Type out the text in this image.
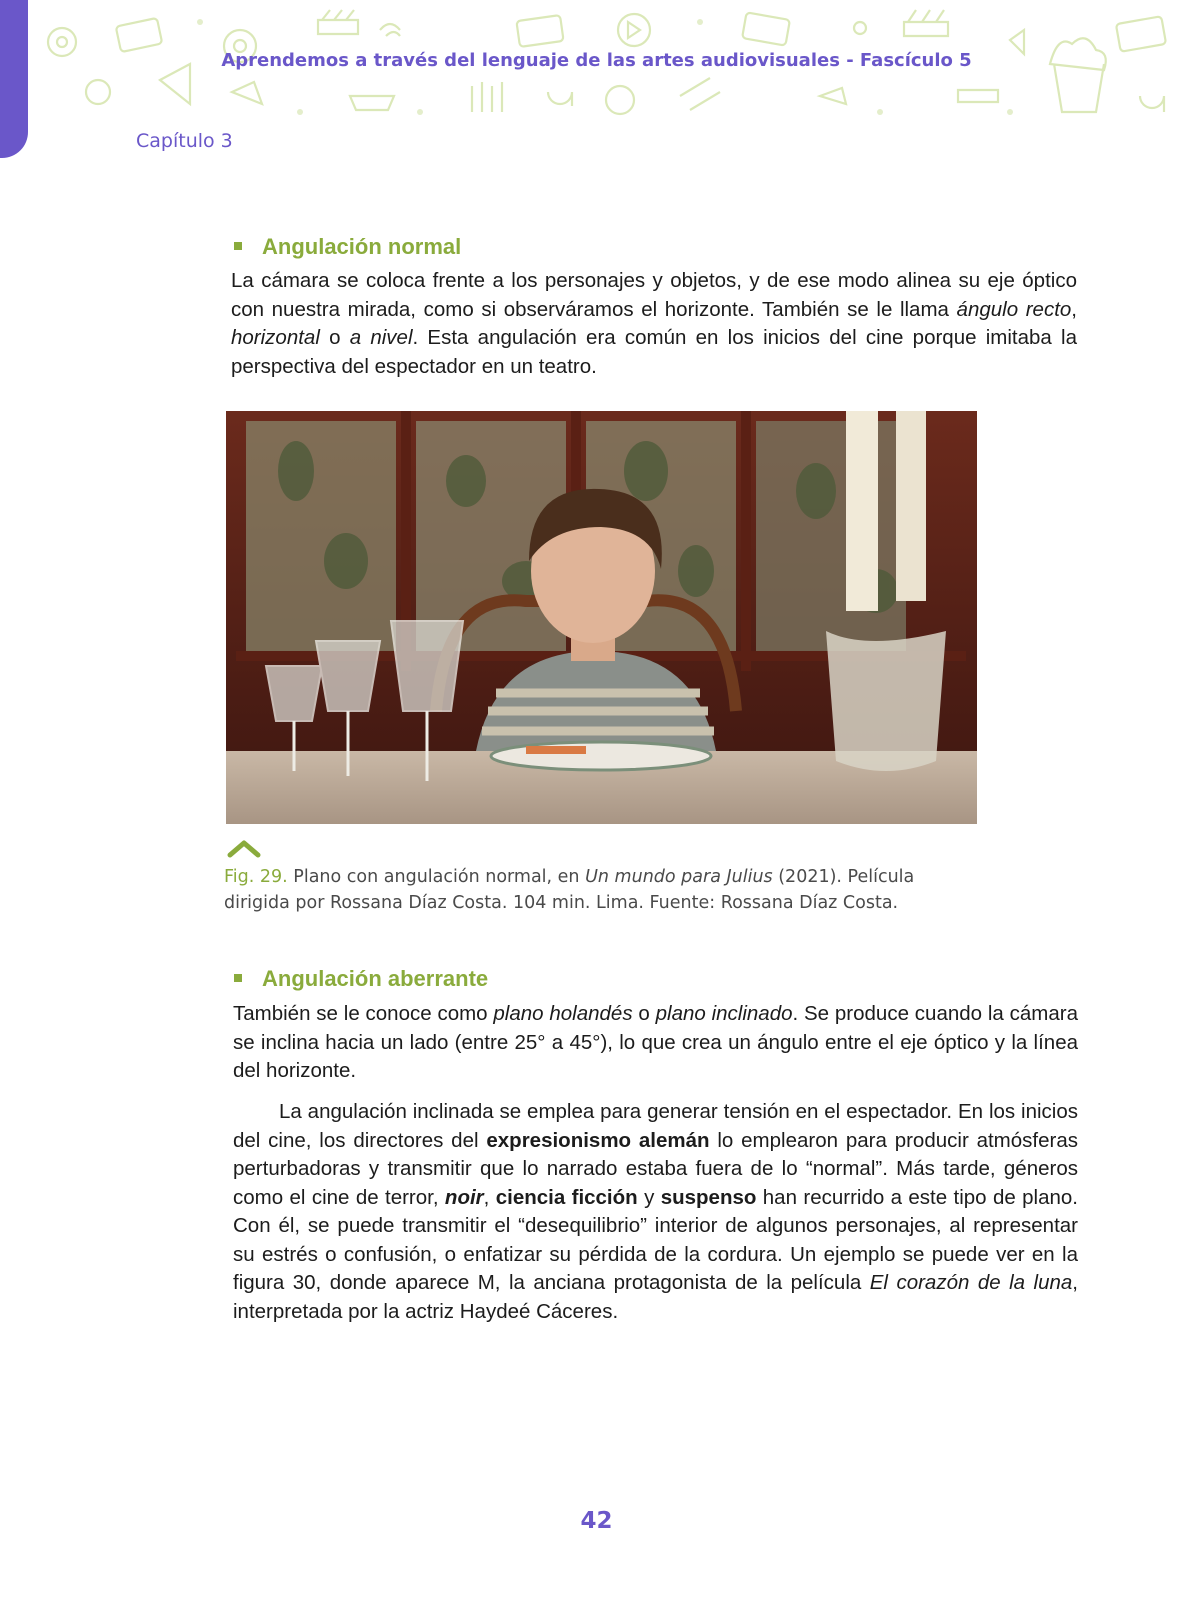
Aprendemos a través del lenguaje de las artes audiovisuales - Fascículo 5
Capítulo 3
Angulación normal
La cámara se coloca frente a los personajes y objetos, y de ese modo alinea su eje óptico con nuestra mirada, como si observáramos el horizonte. También se le llama ángulo recto, horizontal o a nivel. Esta angulación era común en los inicios del cine porque imitaba la perspectiva del espectador en un teatro.
Fig. 29. Plano con angulación normal, en Un mundo para Julius (2021). Película dirigida por Rossana Díaz Costa. 104 min. Lima. Fuente: Rossana Díaz Costa.
Angulación aberrante
También se le conoce como plano holandés o plano inclinado. Se produce cuando la cámara se inclina hacia un lado (entre 25° a 45°), lo que crea un ángulo entre el eje óptico y la línea del horizonte.
La angulación inclinada se emplea para generar tensión en el espectador. En los inicios del cine, los directores del expresionismo alemán lo emplearon para producir atmósferas perturbadoras y transmitir que lo narrado estaba fuera de lo “normal”. Más tarde, géneros como el cine de terror, noir, ciencia ficción y suspenso han recurrido a este tipo de plano. Con él, se puede transmitir el “desequilibrio” interior de algunos personajes, al representar su estrés o confusión, o enfatizar su pérdida de la cordura. Un ejemplo se puede ver en la figura 30, donde aparece M, la anciana protagonista de la película El corazón de la luna, interpretada por la actriz Haydeé Cáceres.
42
